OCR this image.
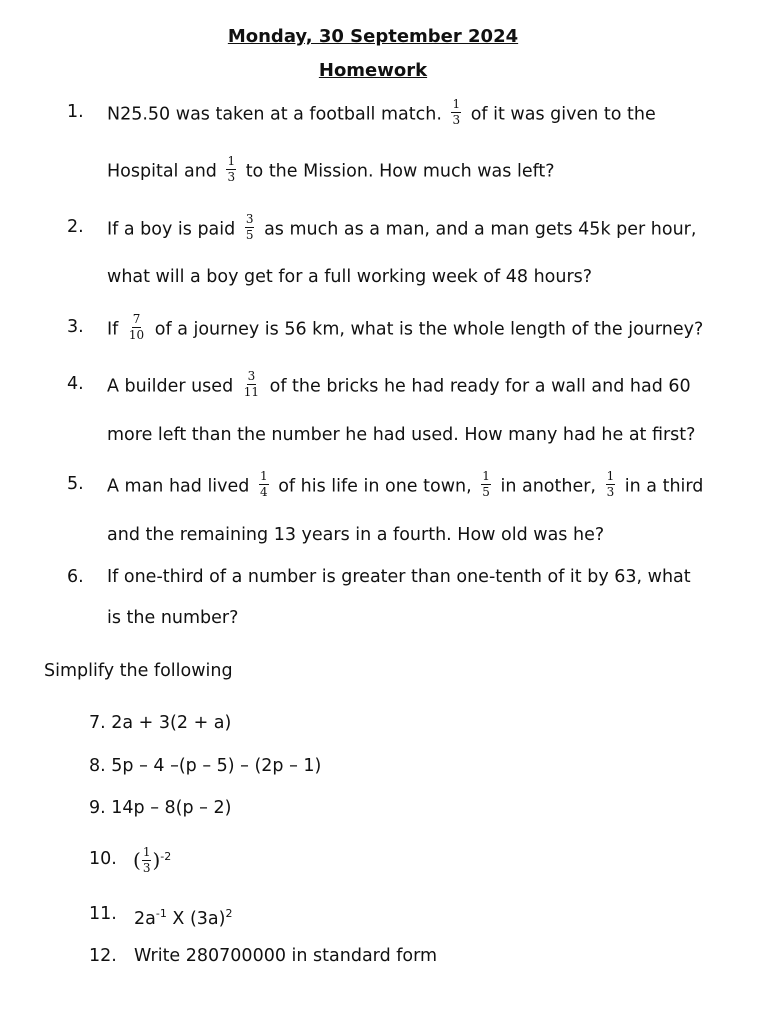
Monday, 30 September 2024
Homework
1. N25.50 was taken at a football match. $\frac{1}{3}$ of it was given to the
Hospital and $\frac{1}{3}$ to the Mission. How much was left?
2. If a boy is paid $\frac{3}{5}$ as much as a man, and a man gets 45k per hour,
what will a boy get for a full working week of 48 hours?
3. If $\frac{7}{10}$ of a journey is 56 km, what is the whole length of the journey?
4. A builder used $\frac{3}{11}$ of the bricks he had ready for a wall and had 60
more left than the number he had used. How many had he at first?
5. A man had lived $\frac{1}{4}$ of his life in one town, $\frac{1}{5}$ in another, $\frac{1}{3}$ in a third
and the remaining 13 years in a fourth. How old was he?
6. If one-third of a number is greater than one-tenth of it by 63, what
is the number?
Simplify the following
7. 2a + 3(2 + a)
8. 5p – 4 –(p – 5) – (2p – 1)
9. 14p – 8(p – 2)
10. ( $\frac{1}{3} )^{-2}$
11. $2a^{-1}$ X $(3a)^2$
12. Write 280700000 in standard form
